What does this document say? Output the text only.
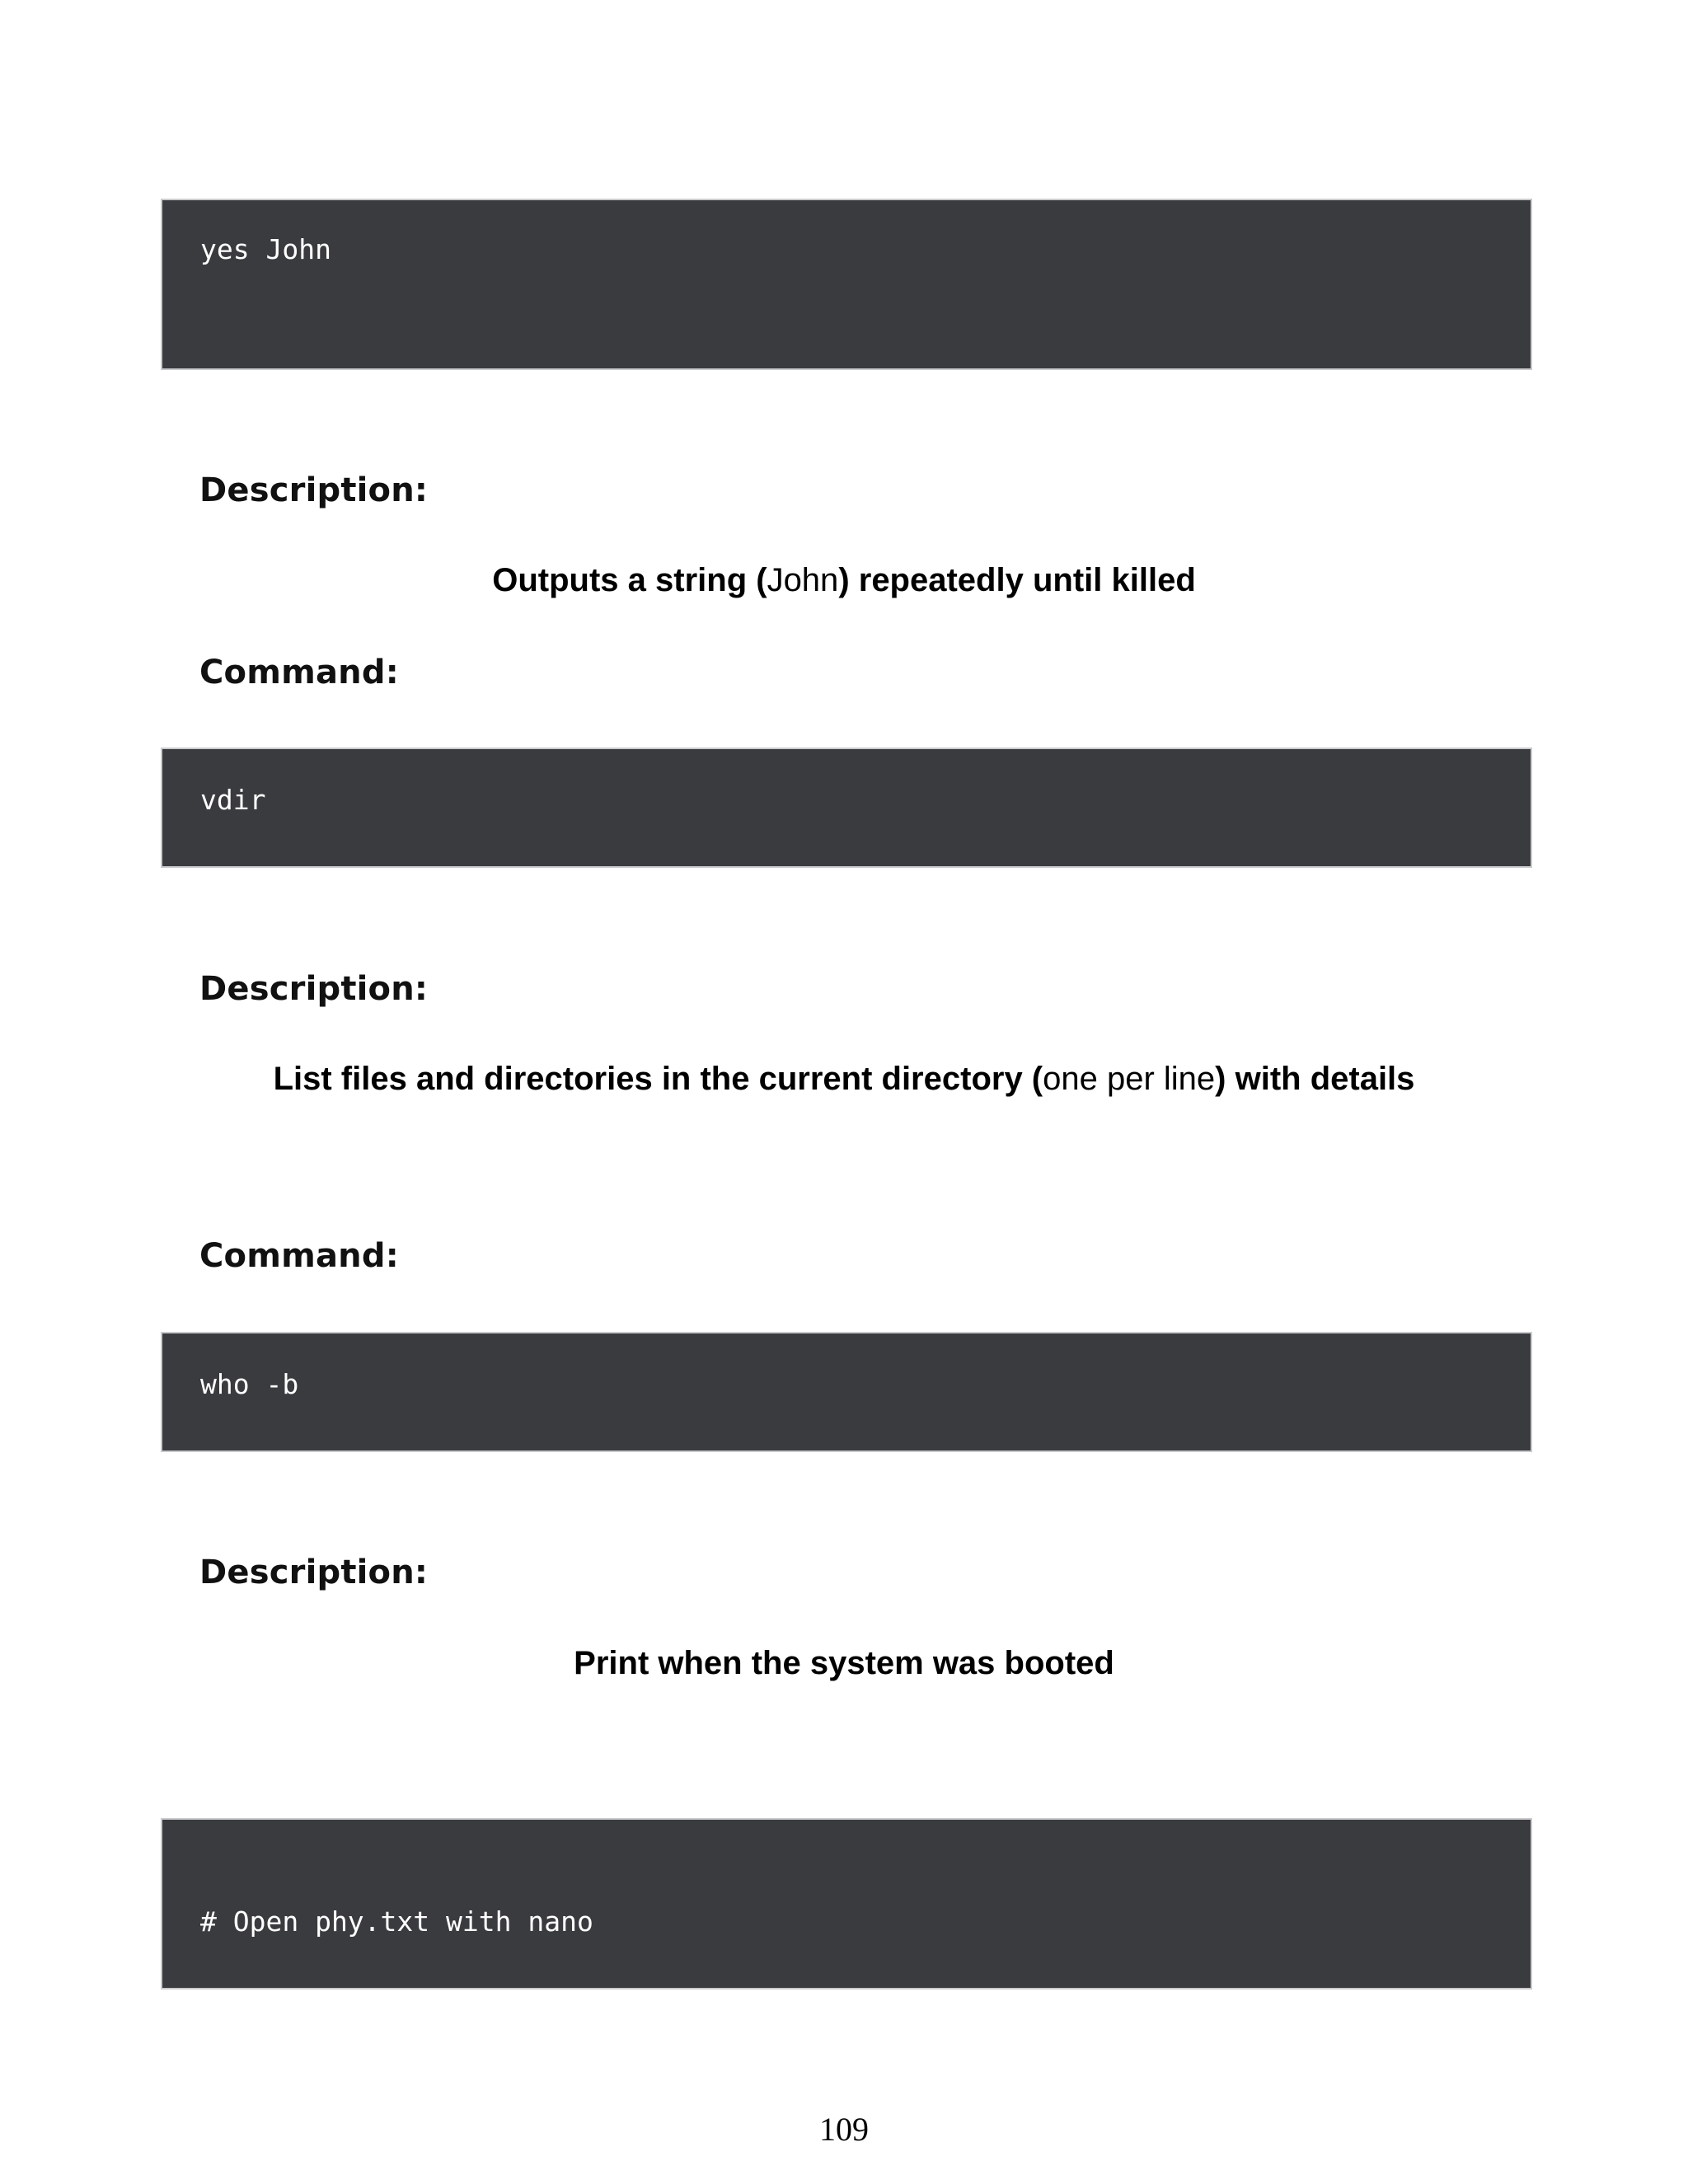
yes John
Description:
Outputs a string (John) repeatedly until killed
Command:
vdir
Description:
List files and directories in the current directory (one per line) with details
Command:
who -b
Description:
Print when the system was booted
# Open phy.txt with nano
109
